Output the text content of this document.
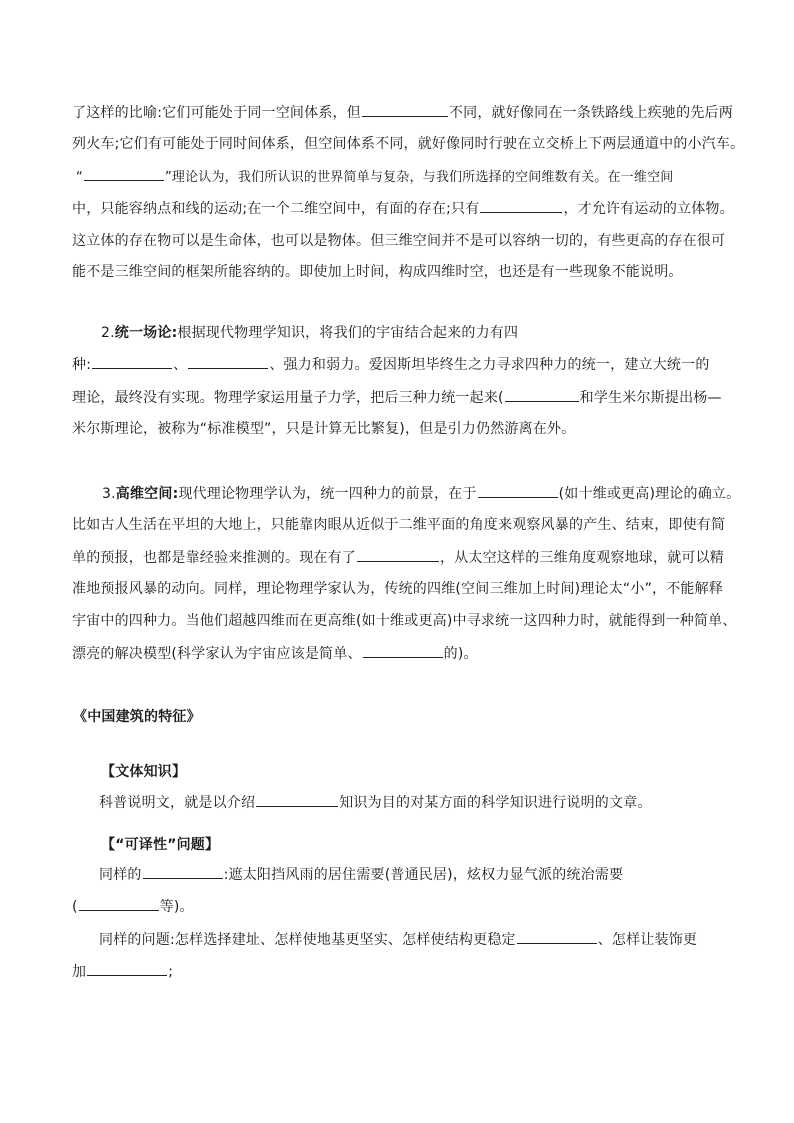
了这样的比喻:它们可能处于同一空间体系，但	不同，就好像同在一条铁路线上疾驰的先后两
列火车;它们有可能处于同时间体系，但空间体系不同，就好像同时行驶在立交桥上下两层通道中的小汽车。
“	”理论认为，我们所认识的世界简单与复杂，与我们所选择的空间维数有关。在一维空间
中，只能容纳点和线的运动;在一个二维空间中，有面的存在;只有	，才允许有运动的立体物。
这立体的存在物可以是生命体，也可以是物体。但三维空间并不是可以容纳一切的，有些更高的存在很可
能不是三维空间的框架所能容纳的。即使加上时间，构成四维时空，也还是有一些现象不能说明。
2.统一场论:根据现代物理学知识，将我们的宇宙结合起来的力有四
种:	、	、强力和弱力。爱因斯坦毕终生之力寻求四种力的统一，建立大统一的
理论，最终没有实现。物理学家运用量子力学，把后三种力统一起来(	和学生米尔斯提出杨—
米尔斯理论，被称为“标准模型”，只是计算无比繁复)，但是引力仍然游离在外。
3.高维空间:现代理论物理学认为，统一四种力的前景，在于	(如十维或更高)理论的确立。
比如古人生活在平坦的大地上，只能靠肉眼从近似于二维平面的角度来观察风暴的产生、结束，即使有简
单的预报，也都是靠经验来推测的。现在有了	，从太空这样的三维角度观察地球，就可以精
准地预报风暴的动向。同样，理论物理学家认为，传统的四维(空间三维加上时间)理论太“小”，不能解释
宇宙中的四种力。当他们超越四维而在更高维(如十维或更高)中寻求统一这四种力时，就能得到一种简单、
漂亮的解决模型(科学家认为宇宙应该是简单、	的)。
《中国建筑的特征》
【文体知识】
科普说明文，就是以介绍	知识为目的对某方面的科学知识进行说明的文章。
【“可译性”问题】
同样的	:遮太阳挡风雨的居住需要(普通民居)，炫权力显气派的统治需要
(	等)。
同样的问题:怎样选择建址、怎样使地基更坚实、怎样使结构更稳定	、怎样让装饰更
加	;
